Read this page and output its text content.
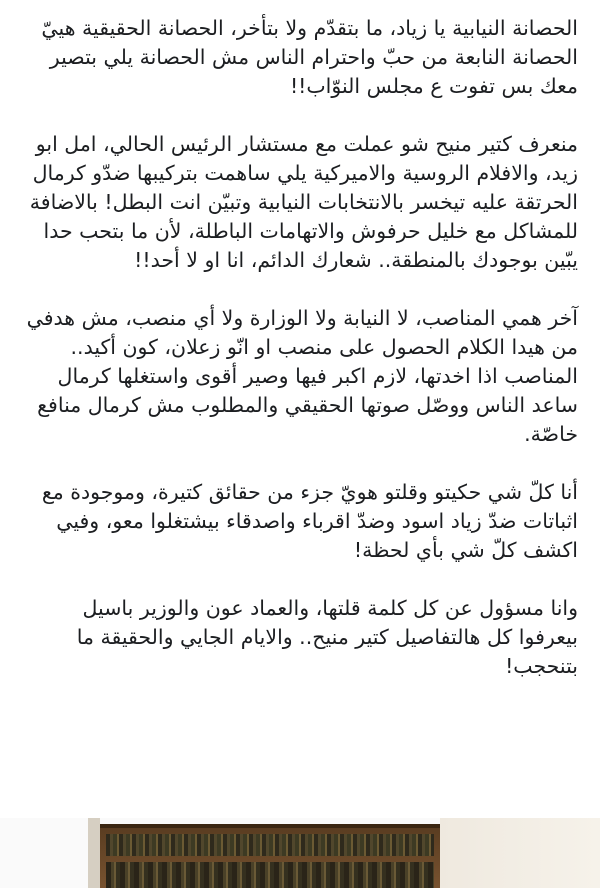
الحصانة النيابية يا زياد، ما بتقدّم ولا بتأخر، الحصانة الحقيقية هييّ الحصانة النابعة من حبّ واحترام الناس مش الحصانة يلي بتصير معك بس تفوت ع مجلس النوّاب!!

منعرف كتير منيح شو عملت مع مستشار الرئيس الحالي، امل ابو زيد، والافلام الروسية والاميركية يلي ساهمت بتركيبها ضدّو كرمال الحرتقة عليه تيخسر بالانتخابات النيابية وتبيّن انت البطل! بالاضافة للمشاكل مع خليل حرفوش والاتهامات الباطلة، لأن ما بتحب حدا يبّين بوجودك بالمنطقة.. شعارك الدائم، انا او لا أحد!!

آخر همي المناصب، لا النيابة ولا الوزارة ولا أي منصب، مش هدفي من هيدا الكلام الحصول على منصب او انّو زعلان، كون أكيد.. المناصب اذا اخدتها، لازم اكبر فيها وصير أقوى واستغلها كرمال ساعد الناس ووصّل صوتها الحقيقي والمطلوب مش كرمال منافع خاصّة.

أنا كلّ شي حكيتو وقلتو هويّ جزء من حقائق كتيرة، وموجودة مع اثباتات ضدّ زياد اسود وضدّ اقرباء واصدقاء بيشتغلوا معو، وفيي اكشف كلّ شي بأي لحظة!

وانا مسؤول عن كل كلمة قلتها، والعماد عون والوزير باسيل بيعرفوا كل هالتفاصيل كتير منيح.. والايام الجايي والحقيقة ما بتنحجب!
